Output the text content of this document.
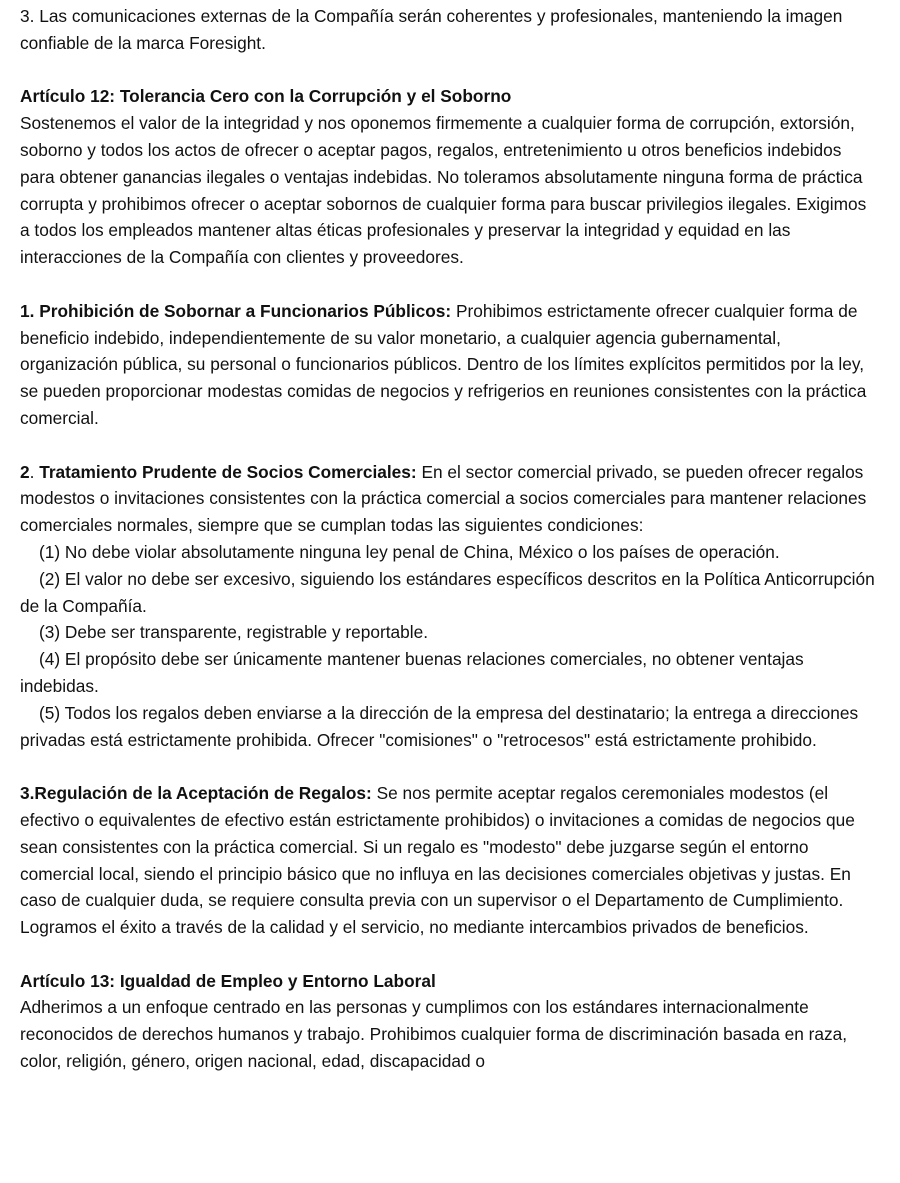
3. Las comunicaciones externas de la Compañía serán coherentes y profesionales, manteniendo la imagen confiable de la marca Foresight.

Artículo 12: Tolerancia Cero con la Corrupción y el Soborno

Sostenemos el valor de la integridad y nos oponemos firmemente a cualquier forma de corrupción, extorsión, soborno y todos los actos de ofrecer o aceptar pagos, regalos, entretenimiento u otros beneficios indebidos para obtener ganancias ilegales o ventajas indebidas. No toleramos absolutamente ninguna forma de práctica corrupta y prohibimos ofrecer o aceptar sobornos de cualquier forma para buscar privilegios ilegales. Exigimos a todos los empleados mantener altas éticas profesionales y preservar la integridad y equidad en las interacciones de la Compañía con clientes y proveedores.

1. Prohibición de Sobornar a Funcionarios Públicos: Prohibimos estrictamente ofrecer cualquier forma de beneficio indebido, independientemente de su valor monetario, a cualquier agencia gubernamental, organización pública, su personal o funcionarios públicos. Dentro de los límites explícitos permitidos por la ley, se pueden proporcionar modestas comidas de negocios y refrigerios en reuniones consistentes con la práctica comercial.

2. Tratamiento Prudente de Socios Comerciales: En el sector comercial privado, se pueden ofrecer regalos modestos o invitaciones consistentes con la práctica comercial a socios comerciales para mantener relaciones comerciales normales, siempre que se cumplan todas las siguientes condiciones:

(1) No debe violar absolutamente ninguna ley penal de China, México o los países de operación.

(2) El valor no debe ser excesivo, siguiendo los estándares específicos descritos en la Política Anticorrupción de la Compañía.

(3) Debe ser transparente, registrable y reportable.

(4) El propósito debe ser únicamente mantener buenas relaciones comerciales, no obtener ventajas indebidas.

(5) Todos los regalos deben enviarse a la dirección de la empresa del destinatario; la entrega a direcciones privadas está estrictamente prohibida. Ofrecer "comisiones" o "retrocesos" está estrictamente prohibido.

3.Regulación de la Aceptación de Regalos: Se nos permite aceptar regalos ceremoniales modestos (el efectivo o equivalentes de efectivo están estrictamente prohibidos) o invitaciones a comidas de negocios que sean consistentes con la práctica comercial. Si un regalo es "modesto" debe juzgarse según el entorno comercial local, siendo el principio básico que no influya en las decisiones comerciales objetivas y justas. En caso de cualquier duda, se requiere consulta previa con un supervisor o el Departamento de Cumplimiento. Logramos el éxito a través de la calidad y el servicio, no mediante intercambios privados de beneficios.

Artículo 13: Igualdad de Empleo y Entorno Laboral

Adherimos a un enfoque centrado en las personas y cumplimos con los estándares internacionalmente reconocidos de derechos humanos y trabajo. Prohibimos cualquier forma de discriminación basada en raza, color, religión, género, origen nacional, edad, discapacidad o
